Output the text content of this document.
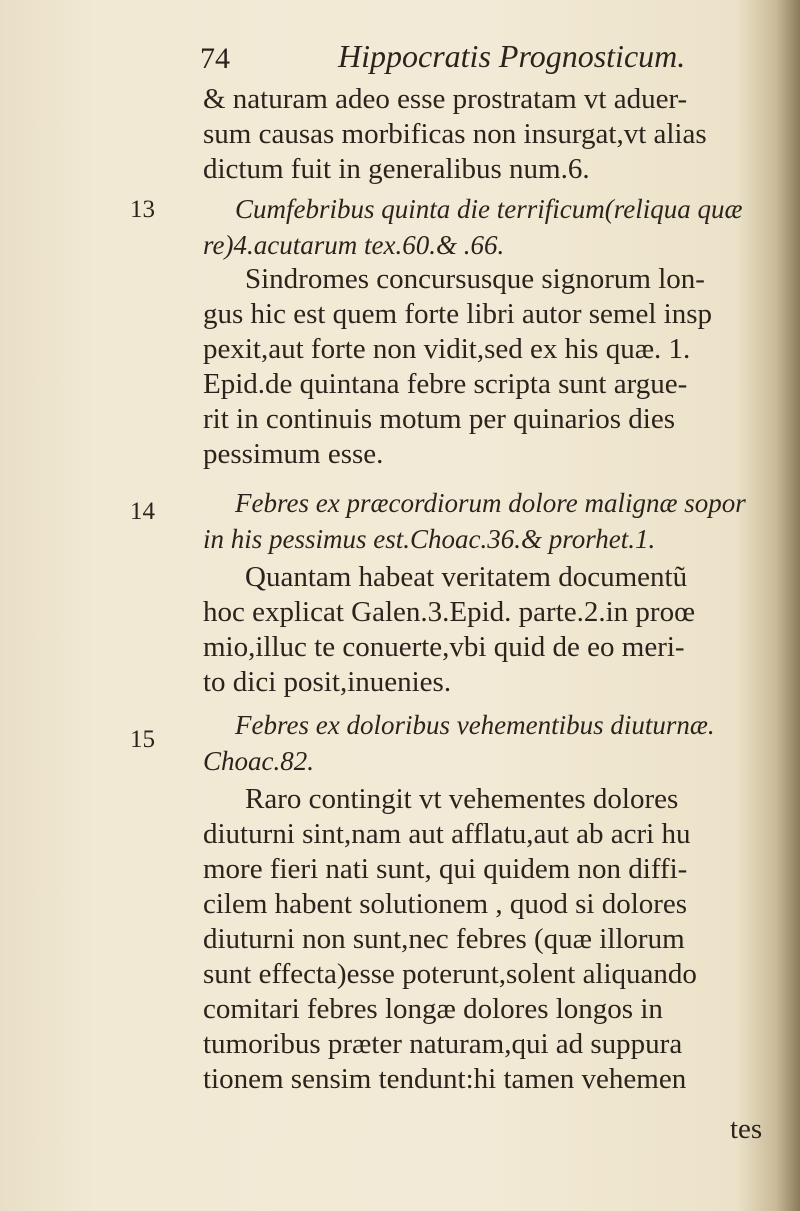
74	Hippocratis Prognosticum.
13
14
15
& naturam adeo esse prostratam vt aduer-
sum causas morbificas non insurgat,vt alias
dictum fuit in generalibus num.6.
Cumfebribus quinta die terrificum(reliqua quæ
re)4.acutarum tex.60.& .66.
Sindromes concursusque signorum lon-
gus hic est quem forte libri autor semel insp
pexit,aut forte non vidit,sed ex his quæ. 1.
Epid.de quintana febre scripta sunt argue-
rit in continuis motum per quinarios dies
pessimum esse.
Febres ex præcordiorum dolore malignæ sopor
in his pessimus est.Choac.36.& prorhet.1.
Quantam habeat veritatem documentũ
hoc explicat Galen.3.Epid. parte.2.in proœ
mio,illuc te conuerte,vbi quid de eo meri-
to dici posit,inuenies.
Febres ex doloribus vehementibus diuturnæ.
Choac.82.
Raro contingit vt vehementes dolores
diuturni sint,nam aut afflatu,aut ab acri hu
more fieri nati sunt, qui quidem non diffi-
cilem habent solutionem , quod si dolores
diuturni non sunt,nec febres (quæ illorum
sunt effecta)esse poterunt,solent aliquando
comitari febres longæ dolores longos in
tumoribus præter naturam,qui ad suppura
tionem sensim tendunt:hi tamen vehemen
tes
